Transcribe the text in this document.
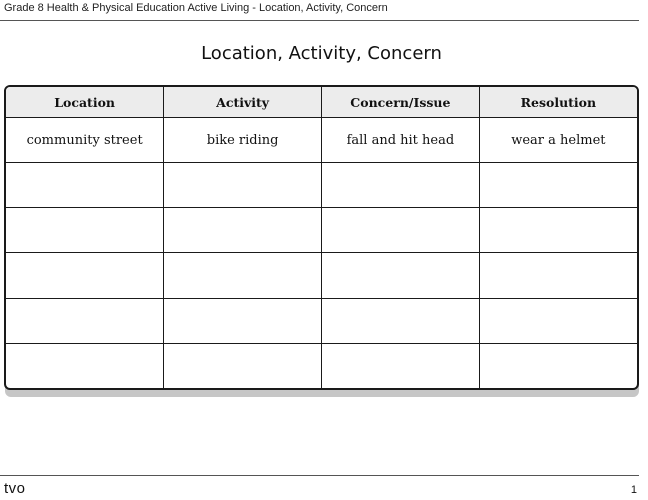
Grade 8 Health & Physical Education Active Living - Location, Activity, Concern
Location, Activity, Concern
Location	Activity	Concern/Issue	Resolution
community street	bike riding	fall and hit head	wear a helmet

tvo	1
